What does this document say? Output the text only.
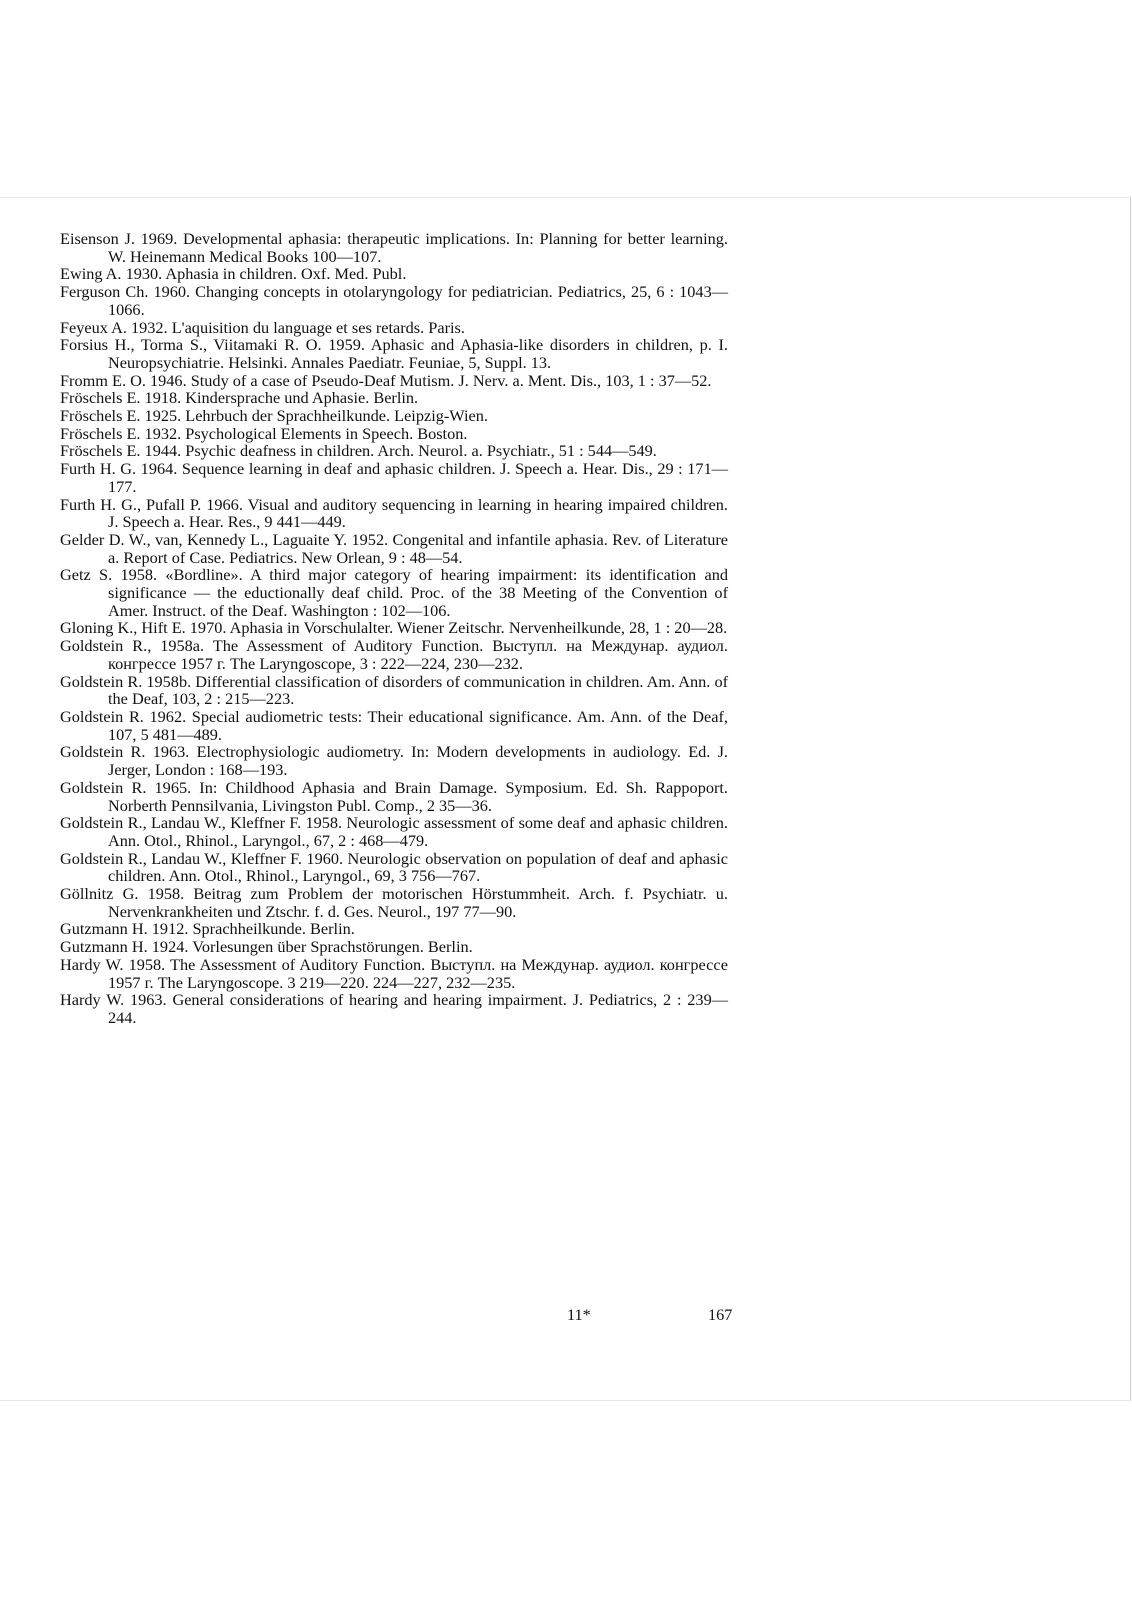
Eisenson J. 1969. Developmental aphasia: therapeutic implications. In: Planning for better learning. W. Heinemann Medical Books 100—107.
Ewing A. 1930. Aphasia in children. Oxf. Med. Publ.
Ferguson Ch. 1960. Changing concepts in otolaryngology for pediatrician. Pediatrics, 25, 6 : 1043—1066.
Feyeux A. 1932. L'aquisition du language et ses retards. Paris.
Forsius H., Torma S., Viitamaki R. O. 1959. Aphasic and Aphasia-like disorders in children, p. I. Neuropsychiatrie. Helsinki. Annales Paediatr. Feuniae, 5, Suppl. 13.
Fromm E. O. 1946. Study of a case of Pseudo-Deaf Mutism. J. Nerv. a. Ment. Dis., 103, 1 : 37—52.
Fröschels E. 1918. Kindersprache und Aphasie. Berlin.
Fröschels E. 1925. Lehrbuch der Sprachheilkunde. Leipzig-Wien.
Fröschels E. 1932. Psychological Elements in Speech. Boston.
Fröschels E. 1944. Psychic deafness in children. Arch. Neurol. a. Psychiatr., 51 : 544—549.
Furth H. G. 1964. Sequence learning in deaf and aphasic children. J. Speech a. Hear. Dis., 29 : 171—177.
Furth H. G., Pufall P. 1966. Visual and auditory sequencing in learning in hearing impaired children. J. Speech a. Hear. Res., 9 441—449.
Gelder D. W., van, Kennedy L., Laguaite Y. 1952. Congenital and infantile aphasia. Rev. of Literature a. Report of Case. Pediatrics. New Orlean, 9 : 48—54.
Getz S. 1958. «Bordline». A third major category of hearing impairment: its identification and significance — the eductionally deaf child. Proc. of the 38 Meeting of the Convention of Amer. Instruct. of the Deaf. Washington : 102—106.
Gloning K., Hift E. 1970. Aphasia in Vorschulalter. Wiener Zeitschr. Nervenheilkunde, 28, 1 : 20—28.
Goldstein R., 1958a. The Assessment of Auditory Function. Выступл. на Междунар. аудиол. конгрессе 1957 г. The Laryngoscope, 3 : 222—224, 230—232.
Goldstein R. 1958b. Differential classification of disorders of communication in children. Am. Ann. of the Deaf, 103, 2 : 215—223.
Goldstein R. 1962. Special audiometric tests: Their educational significance. Am. Ann. of the Deaf, 107, 5 481—489.
Goldstein R. 1963. Electrophysiologic audiometry. In: Modern developments in audiology. Ed. J. Jerger, London : 168—193.
Goldstein R. 1965. In: Childhood Aphasia and Brain Damage. Symposium. Ed. Sh. Rappoport. Norberth Pennsilvania, Livingston Publ. Comp., 2 35—36.
Goldstein R., Landau W., Kleffner F. 1958. Neurologic assessment of some deaf and aphasic children. Ann. Otol., Rhinol., Laryngol., 67, 2 : 468—479.
Goldstein R., Landau W., Kleffner F. 1960. Neurologic observation on population of deaf and aphasic children. Ann. Otol., Rhinol., Laryngol., 69, 3 756—767.
Göllnitz G. 1958. Beitrag zum Problem der motorischen Hörstummheit. Arch. f. Psychiatr. u. Nervenkrankheiten und Ztschr. f. d. Ges. Neurol., 197 77—90.
Gutzmann H. 1912. Sprachheilkunde. Berlin.
Gutzmann H. 1924. Vorlesungen über Sprachstörungen. Berlin.
Hardy W. 1958. The Assessment of Auditory Function. Выступл. на Междунар. аудиол. конгрессе 1957 г. The Laryngoscope. 3 219—220. 224—227, 232—235.
Hardy W. 1963. General considerations of hearing and hearing impairment. J. Pediatrics, 2 : 239—244.
11*	167
